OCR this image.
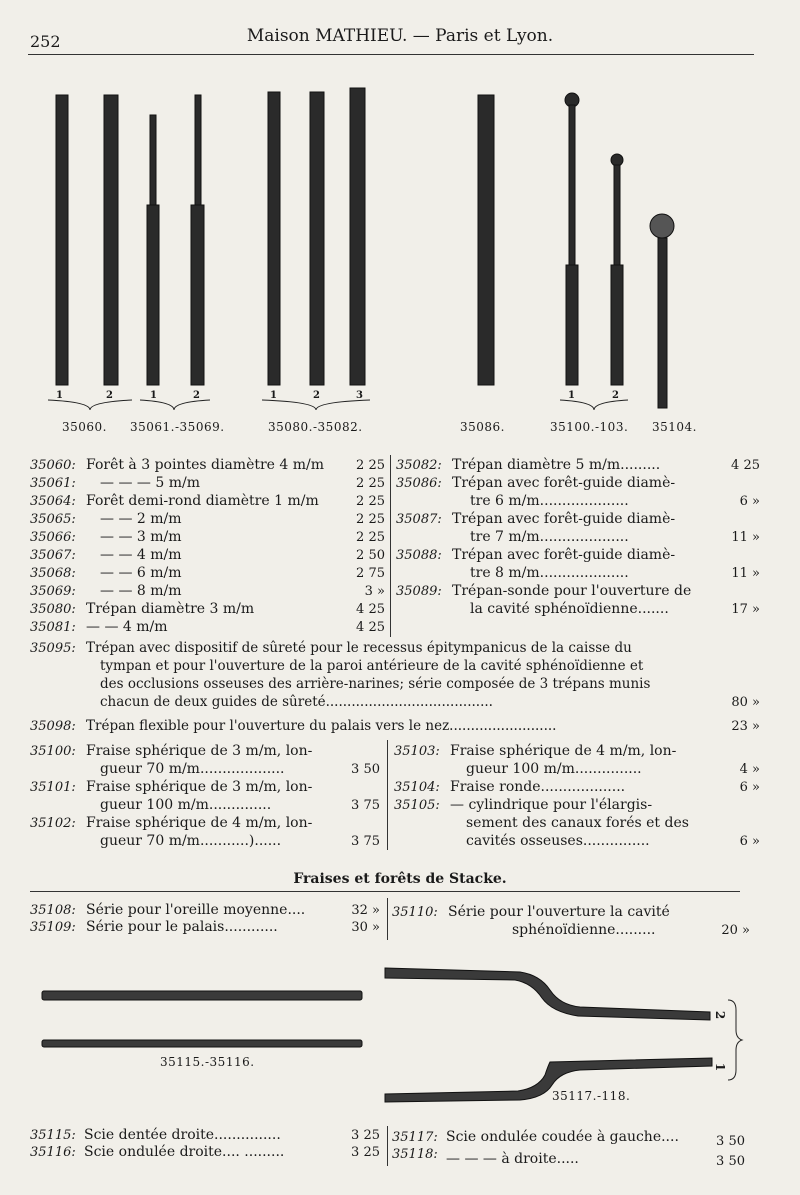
252	Maison MATHIEU. — Paris et Lyon.
1	2	1	2	1	2	3	1	2
35060. 35061.-35069.	35080.-35082.	35086.	35100.-103. 35104.
35060: Forêt à 3 pointes diamètre 4 m/m	2 25
35061: — — — 5 m/m	2 25
35064: Forêt demi-rond diamètre 1 m/m	2 25
35065: — — 2 m/m	2 25
35066: — — 3 m/m	2 25
35067: — — 4 m/m	2 50
35068: — — 6 m/m	2 75
35069: — — 8 m/m	3 »
35080: Trépan diamètre 3 m/m	4 25
35081: — — 4 m/m	4 25
35082: Trépan diamètre 5 m/m.........	4 25
35086: Trépan avec forêt-guide diamè-
tre 6 m/m....................	6 »
35087: Trépan avec forêt-guide diamè-
tre 7 m/m....................	11 »
35088: Trépan avec forêt-guide diamè-
tre 8 m/m....................	11 »
35089: Trépan-sonde pour l'ouverture de
la cavité sphénoïdienne.......	17 »
35095: Trépan avec dispositif de sûreté pour le recessus épitympanicus de la caisse du
tympan et pour l'ouverture de la paroi antérieure de la cavité sphénoïdienne et
des occlusions osseuses des arrière-narines; série composée de 3 trépans munis
chacun de deux guides de sûreté.......................................	80 »
35098: Trépan flexible pour l'ouverture du palais vers le nez.........................	23 »
35100: Fraise sphérique de 3 m/m, lon-
gueur 70 m/m...................	3 50
35101: Fraise sphérique de 3 m/m, lon-
gueur 100 m/m..............	3 75
35102: Fraise sphérique de 4 m/m, lon-
gueur 70 m/m...........)......	3 75
35103: Fraise sphérique de 4 m/m, lon-
gueur 100 m/m...............	4 »
35104: Fraise ronde...................	6 »
35105: — cylindrique pour l'élargis-
sement des canaux forés et des
cavités osseuses...............	6 »
Fraises et forêts de Stacke.
35108: Série pour l'oreille moyenne....	32 »
35109: Série pour le palais............	30 »
35110: Série pour l'ouverture la cavité
sphénoïdienne.........	20 »
2
1
35115.-35116.
35117.-118.
35115: Scie dentée droite...............	3 25
35116: Scie ondulée droite.... .........	3 25
35117: Scie ondulée coudée à gauche....	3 50
35118: — — — à droite.....	3 50
